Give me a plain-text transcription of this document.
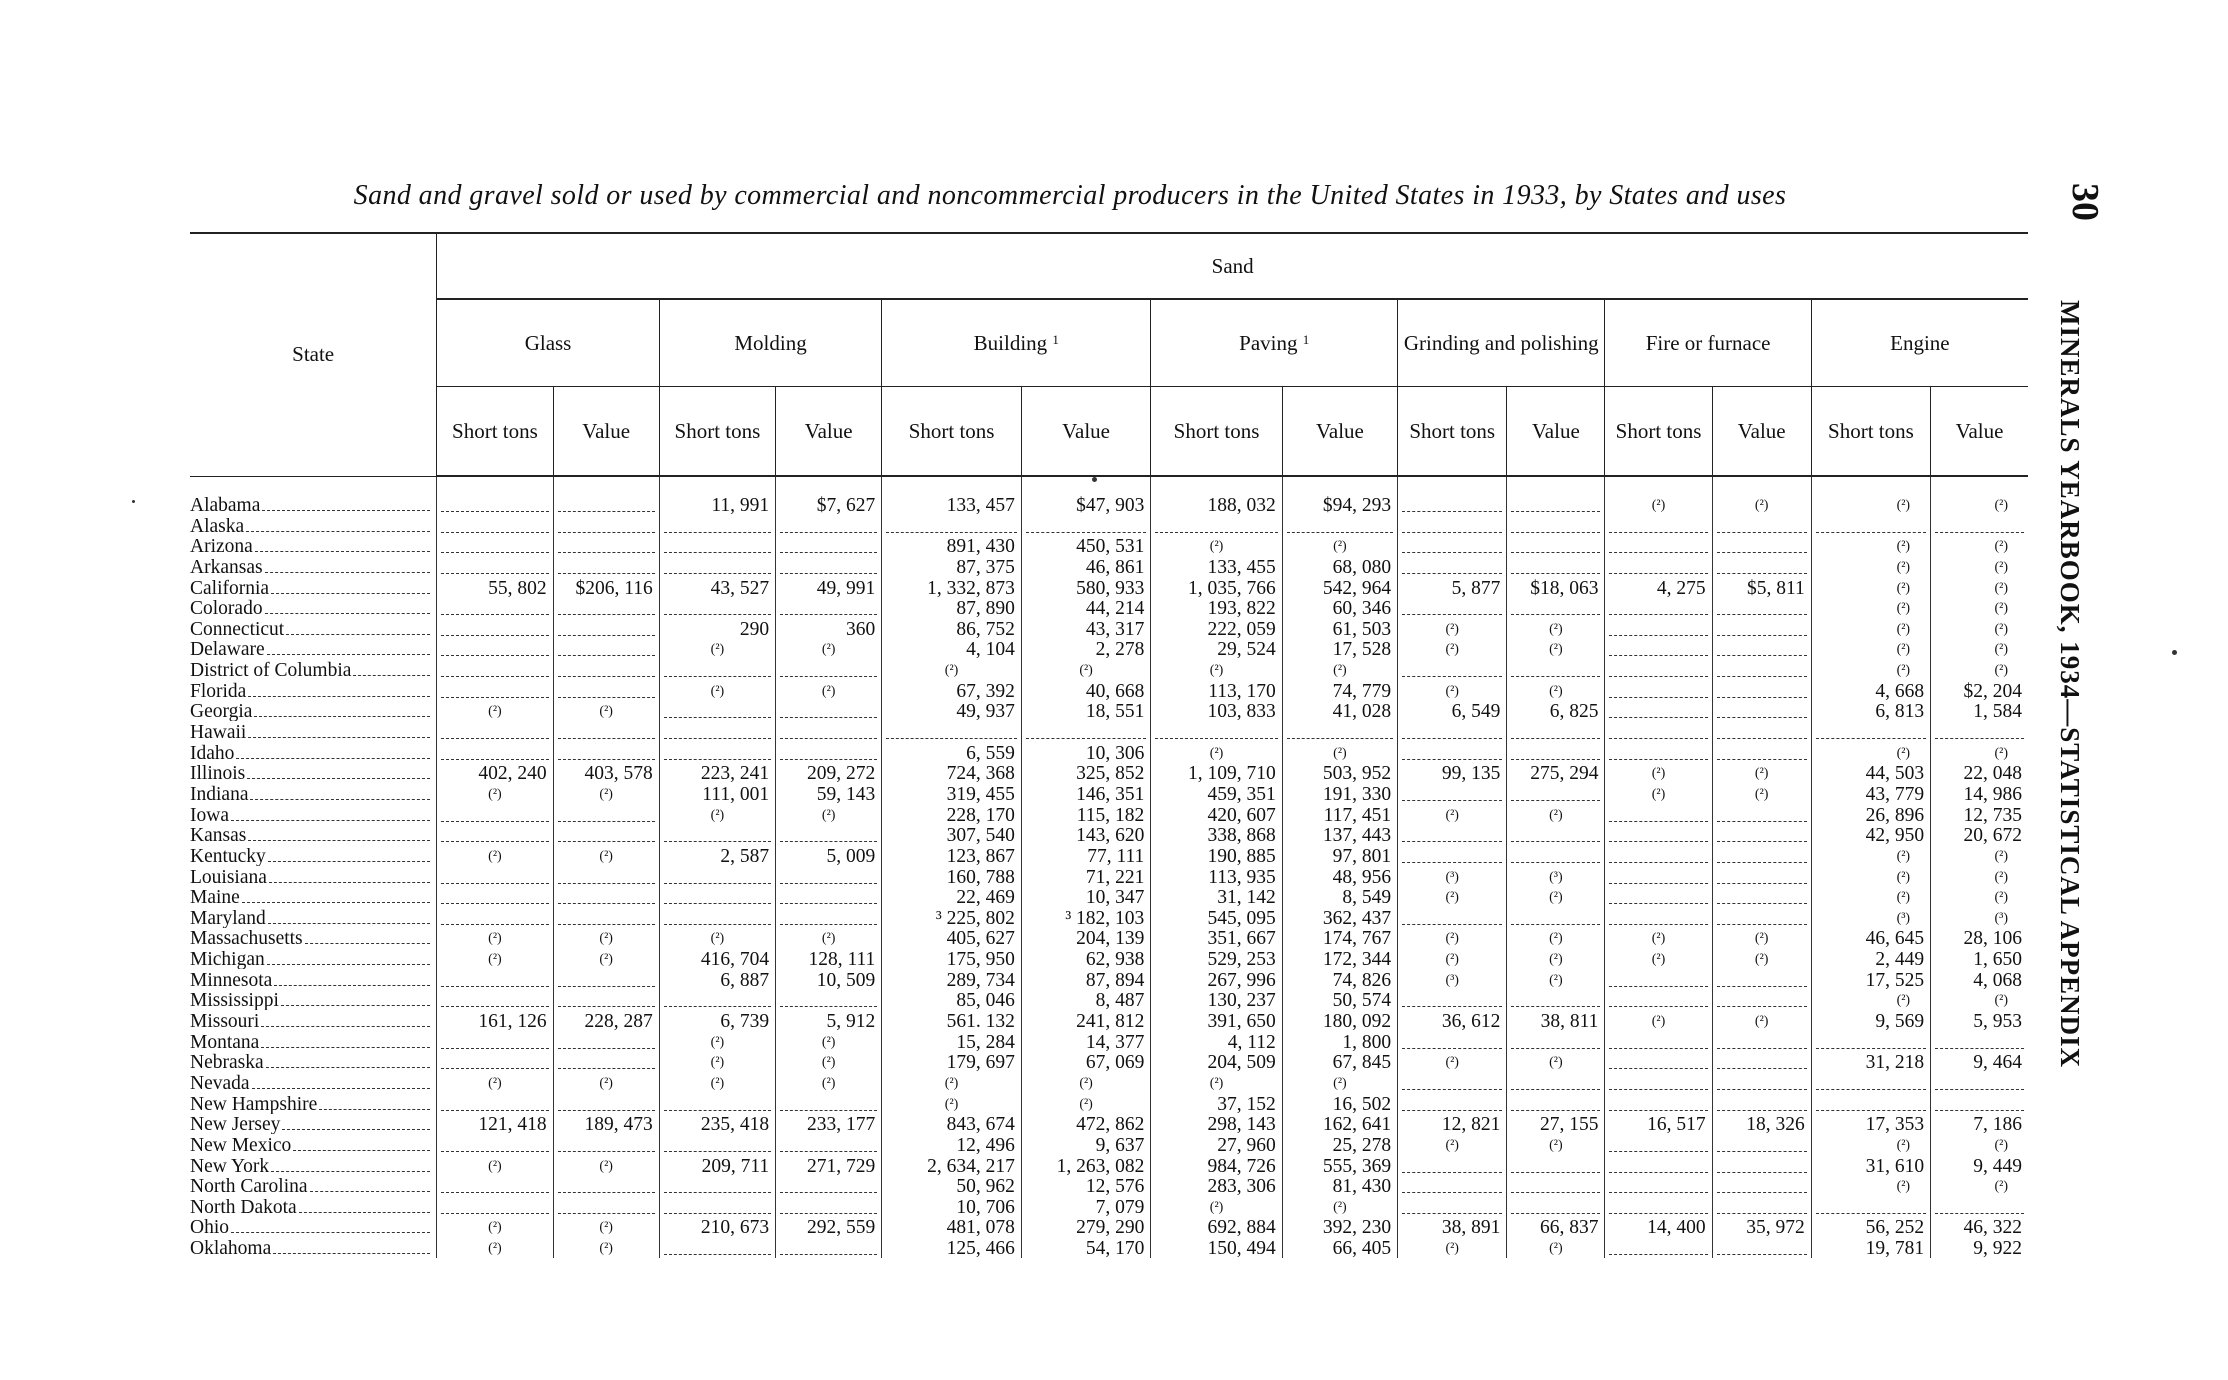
Sand and gravel sold or used by commercial and noncommercial producers in the United States in 1933, by States and uses	30
MINERALS YEARBOOK, 1934—STATISTICAL APPENDIX
State	Sand													
	Glass		Molding		Building $^1$		Paving $^1$		Grinding and polishing		Fire or furnace		Engine	
	Short tons	Value	Short tons	Value	Short tons	Value	Short tons	Value	Short tons	Value	Short tons	Value	Short tons	Value

Alabama			11, 991	$7, 627	133, 457	$47, 903	188, 032	$94, 293			(²)	(²)	(²)	(²)

Alaska														

Arizona					891, 430	450, 531	(²)	(²)					(²)	(²)

Arkansas					87, 375	46, 861	133, 455	68, 080					(²)	(²)

California	55, 802	$206, 116	43, 527	49, 991	1, 332, 873	580, 933	1, 035, 766	542, 964	5, 877	$18, 063	4, 275	$5, 811	(²)	(²)

Colorado					87, 890	44, 214	193, 822	60, 346					(²)	(²)

Connecticut			290	360	86, 752	43, 317	222, 059	61, 503	(²)	(²)			(²)	(²)

Delaware			(²)	(²)	4, 104	2, 278	29, 524	17, 528	(²)	(²)			(²)	(²)

District of Columbia					(²)	(²)	(²)	(²)					(²)	(²)

Florida			(²)	(²)	67, 392	40, 668	113, 170	74, 779	(²)	(²)			4, 668	$2, 204

Georgia	(²)	(²)			49, 937	18, 551	103, 833	41, 028	6, 549	6, 825			6, 813	1, 584

Hawaii														

Idaho					6, 559	10, 306	(²)	(²)					(²)	(²)

Illinois	402, 240	403, 578	223, 241	209, 272	724, 368	325, 852	1, 109, 710	503, 952	99, 135	275, 294	(²)	(²)	44, 503	22, 048

Indiana	(²)	(²)	111, 001	59, 143	319, 455	146, 351	459, 351	191, 330			(²)	(²)	43, 779	14, 986

Iowa			(²)	(²)	228, 170	115, 182	420, 607	117, 451	(²)	(²)			26, 896	12, 735

Kansas					307, 540	143, 620	338, 868	137, 443					42, 950	20, 672

Kentucky	(²)	(²)	2, 587	5, 009	123, 867	77, 111	190, 885	97, 801					(²)	(²)

Louisiana					160, 788	71, 221	113, 935	48, 956	(³)	(³)			(²)	(²)

Maine					22, 469	10, 347	31, 142	8, 549	(²)	(²)			(²)	(²)

Maryland					³ 225, 802	³ 182, 103	545, 095	362, 437					(³)	(³)

Massachusetts	(²)	(²)	(²)	(²)	405, 627	204, 139	351, 667	174, 767	(²)	(²)	(²)	(²)	46, 645	28, 106

Michigan	(²)	(²)	416, 704	128, 111	175, 950	62, 938	529, 253	172, 344	(²)	(²)	(²)	(²)	2, 449	1, 650

Minnesota			6, 887	10, 509	289, 734	87, 894	267, 996	74, 826	(³)	(²)			17, 525	4, 068

Mississippi					85, 046	8, 487	130, 237	50, 574					(²)	(²)

Missouri	161, 126	228, 287	6, 739	5, 912	561. 132	241, 812	391, 650	180, 092	36, 612	38, 811	(²)	(²)	9, 569	5, 953

Montana			(²)	(²)	15, 284	14, 377	4, 112	1, 800						

Nebraska			(²)	(²)	179, 697	67, 069	204, 509	67, 845	(²)	(²)			31, 218	9, 464

Nevada	(²)	(²)	(²)	(²)	(²)	(²)	(²)	(²)						

New Hampshire					(²)	(²)	37, 152	16, 502						

New Jersey	121, 418	189, 473	235, 418	233, 177	843, 674	472, 862	298, 143	162, 641	12, 821	27, 155	16, 517	18, 326	17, 353	7, 186

New Mexico					12, 496	9, 637	27, 960	25, 278	(²)	(²)			(²)	(²)

New York	(²)	(²)	209, 711	271, 729	2, 634, 217	1, 263, 082	984, 726	555, 369					31, 610	9, 449

North Carolina					50, 962	12, 576	283, 306	81, 430					(²)	(²)

North Dakota					10, 706	7, 079	(²)	(²)						

Ohio	(²)	(²)	210, 673	292, 559	481, 078	279, 290	692, 884	392, 230	38, 891	66, 837	14, 400	35, 972	56, 252	46, 322

Oklahoma	(²)	(²)			125, 466	54, 170	150, 494	66, 405	(²)	(²)			19, 781	9, 922
